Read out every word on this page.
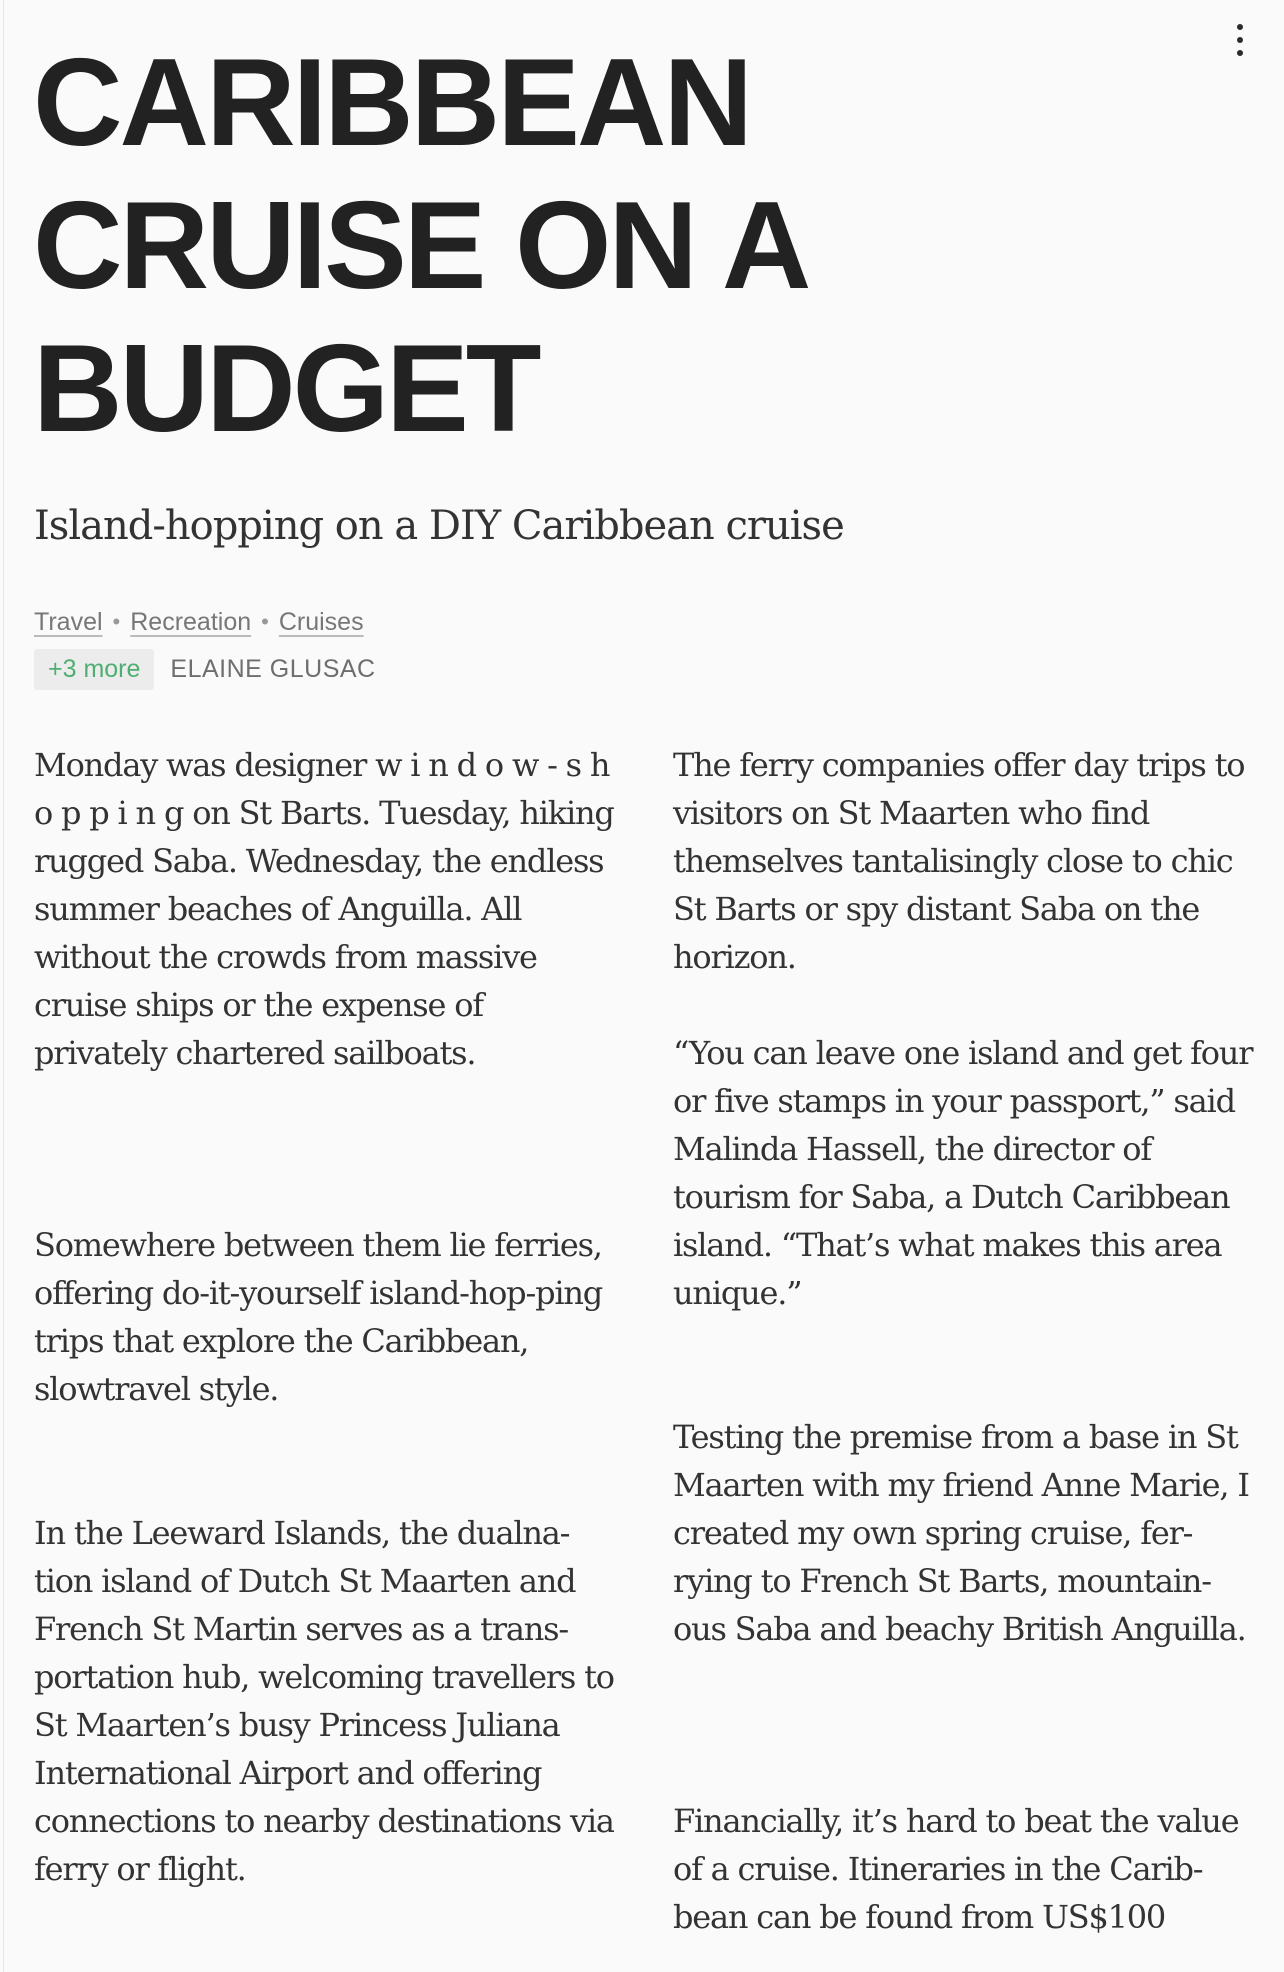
CARIBBEAN CRUISE ON A BUDGET
Island-hopping on a DIY Caribbean cruise
Travel • Recreation • Cruises
+3 more	ELAINE GLUSAC

Monday was designer w i n d o w - s h o p p i n g on St Barts. Tuesday, hiking rugged Saba. Wednesday, the endless summer beaches of Anguilla. All without the crowds from massive cruise ships or the expense of privately chartered sailboats.

Somewhere between them lie ferries, offering do-it-yourself island-hop-ping trips that explore the Caribbean, slowtravel style.

In the Leeward Islands, the dualna-tion island of Dutch St Maarten and French St Martin serves as a trans-portation hub, welcoming travellers to St Maarten’s busy Princess Juliana International Airport and offering connections to nearby destinations via ferry or flight.

The ferry companies offer day trips to visitors on St Maarten who find themselves tantalisingly close to chic St Barts or spy distant Saba on the horizon.

“You can leave one island and get four or five stamps in your passport,” said Malinda Hassell, the director of tourism for Saba, a Dutch Caribbean island. “That’s what makes this area unique.”

Testing the premise from a base in St Maarten with my friend Anne Marie, I created my own spring cruise, fer-rying to French St Barts, mountain-ous Saba and beachy British Anguilla.

Financially, it’s hard to beat the value of a cruise. Itineraries in the Carib-bean can be found from US$100
